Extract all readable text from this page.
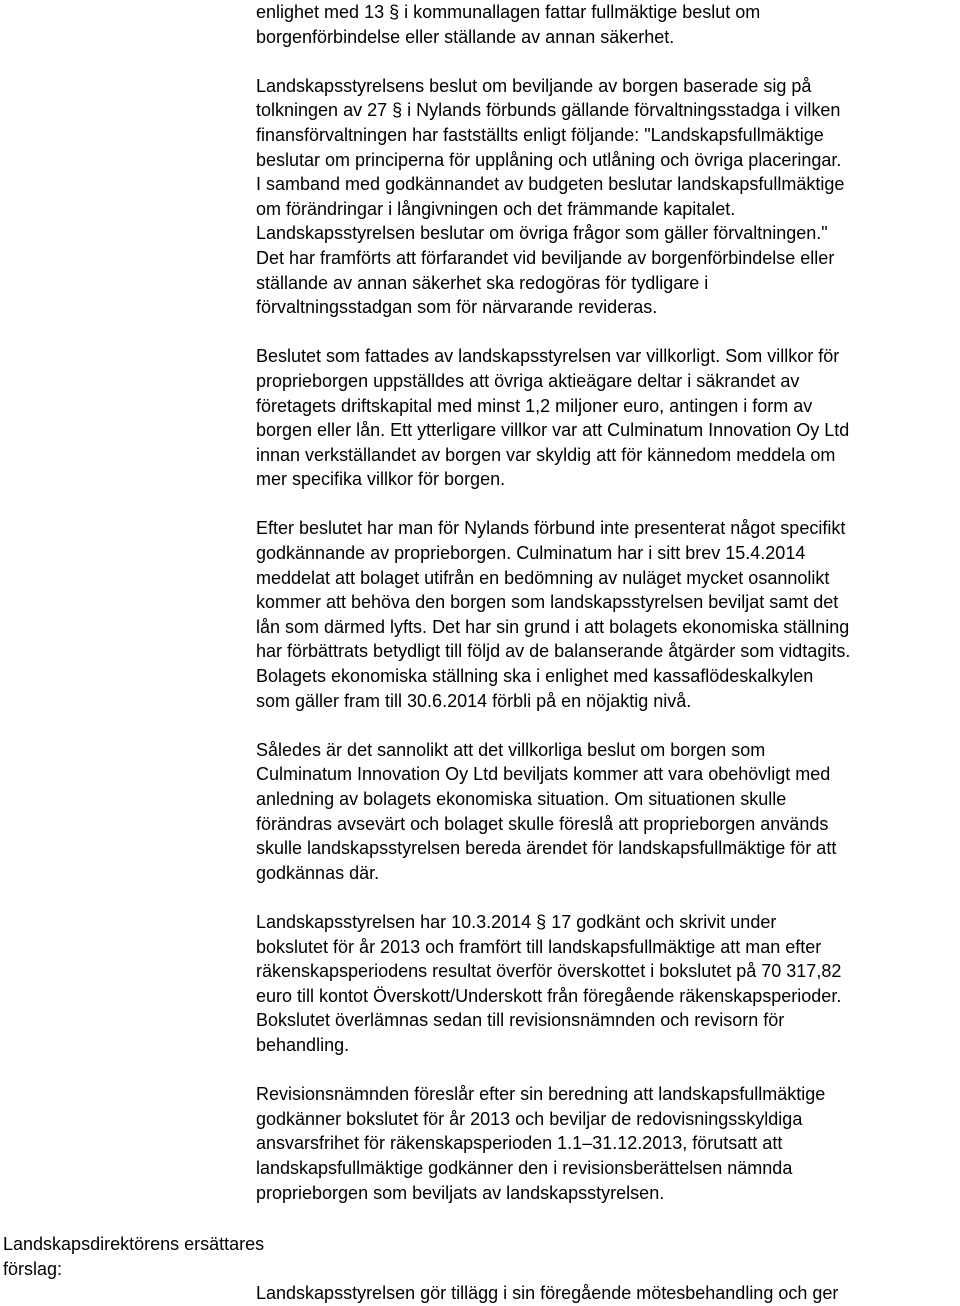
enlighet med 13 § i kommunallagen fattar fullmäktige beslut om
borgenförbindelse eller ställande av annan säkerhet.

Landskapsstyrelsens beslut om beviljande av borgen baserade sig på
tolkningen av 27 § i Nylands förbunds gällande förvaltningsstadga i vilken
finansförvaltningen har fastställts enligt följande: "Landskapsfullmäktige
beslutar om principerna för upplåning och utlåning och övriga placeringar.
I samband med godkännandet av budgeten beslutar landskapsfullmäktige
om förändringar i långivningen och det främmande kapitalet.
Landskapsstyrelsen beslutar om övriga frågor som gäller förvaltningen."
Det har framförts att förfarandet vid beviljande av borgenförbindelse eller
ställande av annan säkerhet ska redogöras för tydligare i
förvaltningsstadgan som för närvarande revideras.

Beslutet som fattades av landskapsstyrelsen var villkorligt. Som villkor för
proprieborgen uppställdes att övriga aktieägare deltar i säkrandet av
företagets driftskapital med minst 1,2 miljoner euro, antingen i form av
borgen eller lån. Ett ytterligare villkor var att Culminatum Innovation Oy Ltd
innan verkställandet av borgen var skyldig att för kännedom meddela om
mer specifika villkor för borgen.

Efter beslutet har man för Nylands förbund inte presenterat något specifikt
godkännande av proprieborgen. Culminatum har i sitt brev 15.4.2014
meddelat att bolaget utifrån en bedömning av nuläget mycket osannolikt
kommer att behöva den borgen som landskapsstyrelsen beviljat samt det
lån som därmed lyfts. Det har sin grund i att bolagets ekonomiska ställning
har förbättrats betydligt till följd av de balanserande åtgärder som vidtagits.
Bolagets ekonomiska ställning ska i enlighet med kassaflödeskalkylen
som gäller fram till 30.6.2014 förbli på en nöjaktig nivå.

Således är det sannolikt att det villkorliga beslut om borgen som
Culminatum Innovation Oy Ltd beviljats kommer att vara obehövligt med
anledning av bolagets ekonomiska situation. Om situationen skulle
förändras avsevärt och bolaget skulle föreslå att proprieborgen används
skulle landskapsstyrelsen bereda ärendet för landskapsfullmäktige för att
godkännas där.

Landskapsstyrelsen har 10.3.2014 § 17 godkänt och skrivit under
bokslutet för år 2013 och framfört till landskapsfullmäktige att man efter
räkenskapsperiodens resultat överför överskottet i bokslutet på 70 317,82
euro till kontot Överskott/Underskott från föregående räkenskapsperioder.
Bokslutet överlämnas sedan till revisionsnämnden och revisorn för
behandling.

Revisionsnämnden föreslår efter sin beredning att landskapsfullmäktige
godkänner bokslutet för år 2013 och beviljar de redovisningsskyldiga
ansvarsfrihet för räkenskapsperioden 1.1–31.12.2013, förutsatt att
landskapsfullmäktige godkänner den i revisionsberättelsen nämnda
proprieborgen som beviljats av landskapsstyrelsen.

Landskapsdirektörens ersättares
förslag:
Landskapsstyrelsen gör tillägg i sin föregående mötesbehandling och ger
